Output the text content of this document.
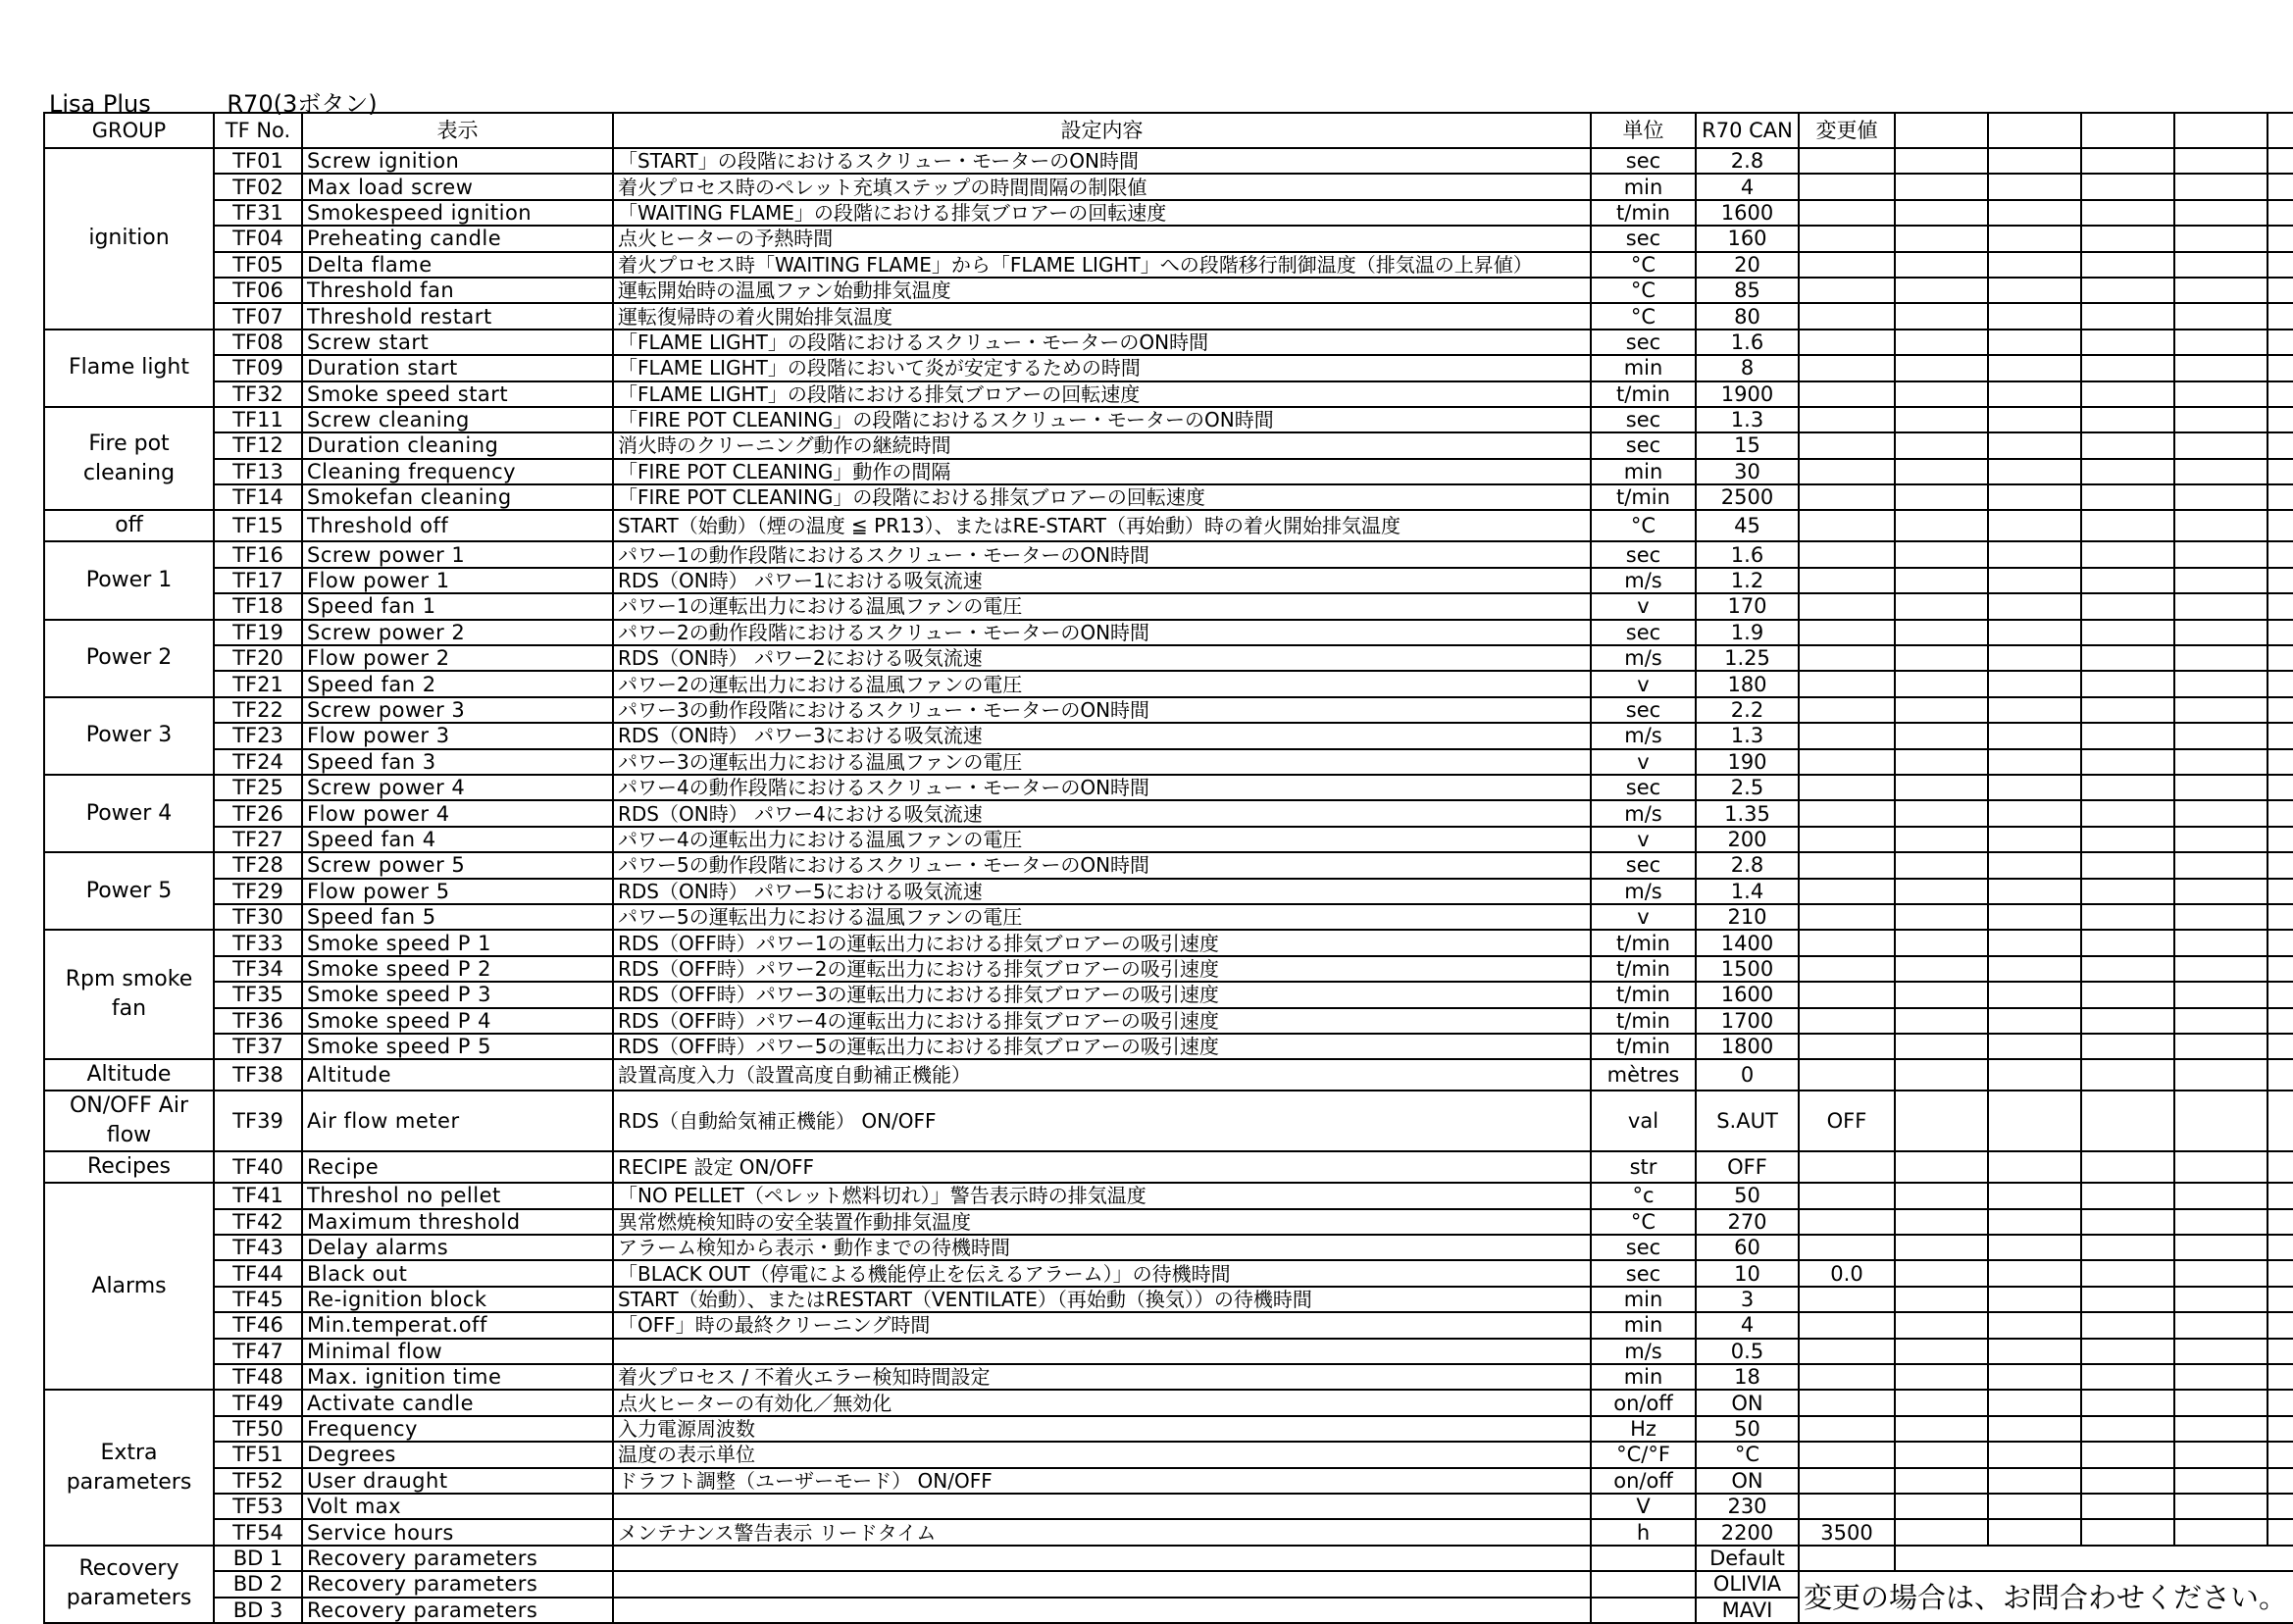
Lisa Plus	R70(3ボタン)
GROUP	TF No.	表示	設定内容	単位	R70 CAN	変更値					
ignition	TF01	Screw ignition	「START」の段階におけるスクリュー・モーターのON時間	sec	2.8						
	TF02	Max load screw	着火プロセス時のペレット充填ステップの時間間隔の制限値	min	4						
	TF31	Smokespeed ignition	「WAITING FLAME」の段階における排気ブロアーの回転速度	t/min	1600						
	TF04	Preheating candle	点火ヒーターの予熱時間	sec	160						
	TF05	Delta flame	着火プロセス時「WAITING FLAME」から「FLAME LIGHT」への段階移行制御温度（排気温の上昇値）	°C	20						
	TF06	Threshold fan	運転開始時の温風ファン始動排気温度	°C	85						
	TF07	Threshold restart	運転復帰時の着火開始排気温度	°C	80						
Flame light	TF08	Screw start	「FLAME LIGHT」の段階におけるスクリュー・モーターのON時間	sec	1.6						
	TF09	Duration start	「FLAME LIGHT」の段階において炎が安定するための時間	min	8						
	TF32	Smoke speed start	「FLAME LIGHT」の段階における排気ブロアーの回転速度	t/min	1900						
Fire pot cleaning	TF11	Screw cleaning	「FIRE POT CLEANING」の段階におけるスクリュー・モーターのON時間	sec	1.3						
	TF12	Duration cleaning	消火時のクリーニング動作の継続時間	sec	15						
	TF13	Cleaning frequency	「FIRE POT CLEANING」動作の間隔	min	30						
	TF14	Smokefan cleaning	「FIRE POT CLEANING」の段階における排気ブロアーの回転速度	t/min	2500						
off	TF15	Threshold off	START（始動）（煙の温度 ≦ PR13）、またはRE-START（再始動）時の着火開始排気温度	°C	45						
Power 1	TF16	Screw power 1	パワー1の動作段階におけるスクリュー・モーターのON時間	sec	1.6						
	TF17	Flow power 1	RDS（ON時） パワー1における吸気流速	m/s	1.2						
	TF18	Speed fan 1	パワー1の運転出力における温風ファンの電圧	v	170						
Power 2	TF19	Screw power 2	パワー2の動作段階におけるスクリュー・モーターのON時間	sec	1.9						
	TF20	Flow power 2	RDS（ON時） パワー2における吸気流速	m/s	1.25						
	TF21	Speed fan 2	パワー2の運転出力における温風ファンの電圧	v	180						
Power 3	TF22	Screw power 3	パワー3の動作段階におけるスクリュー・モーターのON時間	sec	2.2						
	TF23	Flow power 3	RDS（ON時） パワー3における吸気流速	m/s	1.3						
	TF24	Speed fan 3	パワー3の運転出力における温風ファンの電圧	v	190						
Power 4	TF25	Screw power 4	パワー4の動作段階におけるスクリュー・モーターのON時間	sec	2.5						
	TF26	Flow power 4	RDS（ON時） パワー4における吸気流速	m/s	1.35						
	TF27	Speed fan 4	パワー4の運転出力における温風ファンの電圧	v	200						
Power 5	TF28	Screw power 5	パワー5の動作段階におけるスクリュー・モーターのON時間	sec	2.8						
	TF29	Flow power 5	RDS（ON時） パワー5における吸気流速	m/s	1.4						
	TF30	Speed fan 5	パワー5の運転出力における温風ファンの電圧	v	210						
Rpm smoke fan	TF33	Smoke speed P 1	RDS（OFF時）パワー1の運転出力における排気ブロアーの吸引速度	t/min	1400						
	TF34	Smoke speed P 2	RDS（OFF時）パワー2の運転出力における排気ブロアーの吸引速度	t/min	1500						
	TF35	Smoke speed P 3	RDS（OFF時）パワー3の運転出力における排気ブロアーの吸引速度	t/min	1600						
	TF36	Smoke speed P 4	RDS（OFF時）パワー4の運転出力における排気ブロアーの吸引速度	t/min	1700						
	TF37	Smoke speed P 5	RDS（OFF時）パワー5の運転出力における排気ブロアーの吸引速度	t/min	1800						
Altitude	TF38	Altitude	設置高度入力（設置高度自動補正機能）	mètres	0						
ON/OFF Air flow	TF39	Air flow meter	RDS（自動給気補正機能） ON/OFF	val	S.AUT	OFF					
Recipes	TF40	Recipe	RECIPE 設定 ON/OFF	str	OFF						
Alarms	TF41	Threshol no pellet	「NO PELLET（ペレット燃料切れ）」警告表示時の排気温度	°c	50						
	TF42	Maximum threshold	異常燃焼検知時の安全装置作動排気温度	°C	270						
	TF43	Delay alarms	アラーム検知から表示・動作までの待機時間	sec	60						
	TF44	Black out	「BLACK OUT（停電による機能停止を伝えるアラーム）」の待機時間	sec	10	0.0					
	TF45	Re-ignition block	START（始動）、またはRESTART（VENTILATE）（再始動（換気））の待機時間	min	3						
	TF46	Min.temperat.off	「OFF」時の最終クリーニング時間	min	4						
	TF47	Minimal flow		m/s	0.5						
	TF48	Max. ignition time	着火プロセス / 不着火エラー検知時間設定	min	18						
Extra parameters	TF49	Activate candle	点火ヒーターの有効化／無効化	on/off	ON						
	TF50	Frequency	入力電源周波数	Hz	50						
	TF51	Degrees	温度の表示単位	°C/°F	°C						
	TF52	User draught	ドラフト調整（ユーザーモード） ON/OFF	on/off	ON						
	TF53	Volt max		V	230						
	TF54	Service hours	メンテナンス警告表示 リードタイム	h	2200	3500					
Recovery parameters	BD 1	Recovery parameters			Default						
	BD 2	Recovery parameters			OLIVIA	変更の場合は、お問合わせください。					
	BD 3	Recovery parameters			MAVI						
